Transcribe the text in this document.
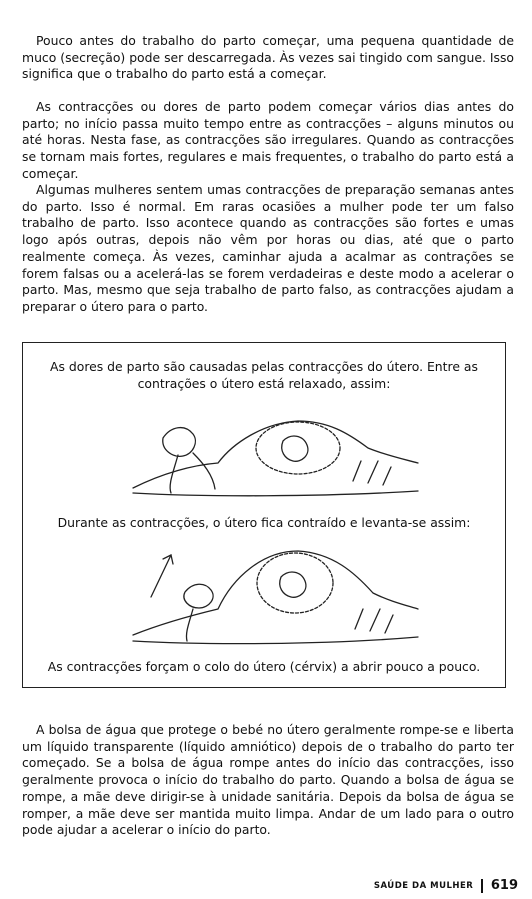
Pouco antes do trabalho do parto começar, uma pequena quantidade de muco (secreção) pode ser descarregada. Às vezes sai tingido com sangue. Isso significa que o trabalho do parto está a começar.

As contracções ou dores de parto podem começar vários dias antes do parto; no início passa muito tempo entre as contracções – alguns minutos ou até horas. Nesta fase, as contracções são irregulares. Quando as contracções se tornam mais fortes, regulares e mais frequentes, o trabalho do parto está a começar.

Algumas mulheres sentem umas contracções de preparação semanas antes do parto. Isso é normal. Em raras ocasiões a mulher pode ter um falso trabalho de parto. Isso acontece quando as contracções são fortes e umas logo após outras, depois não vêm por horas ou dias, até que o parto realmente começa. Às vezes, caminhar ajuda a acalmar as contrações se forem falsas ou a acelerá-las se forem verdadeiras e deste modo a acelerar o parto. Mas, mesmo que seja trabalho de parto falso, as contracções ajudam a preparar o útero para o parto.

As dores de parto são causadas pelas contracções do útero. Entre as contrações o útero está relaxado, assim:

Durante as contracções, o útero fica contraído e levanta-se assim:

As contracções forçam o colo do útero (cérvix) a abrir pouco a pouco.

A bolsa de água que protege o bebé no útero geralmente rompe-se e liberta um líquido transparente (líquido amniótico) depois de o trabalho do parto ter começado. Se a bolsa de água rompe antes do início das contracções, isso geralmente provoca o início do trabalho do parto. Quando a bolsa de água se rompe, a mãe deve dirigir-se à unidade sanitária. Depois da bolsa de água se romper, a mãe deve ser mantida muito limpa. Andar de um lado para o outro pode ajudar a acelerar o início do parto.

SAÚDE DA MULHER 619
